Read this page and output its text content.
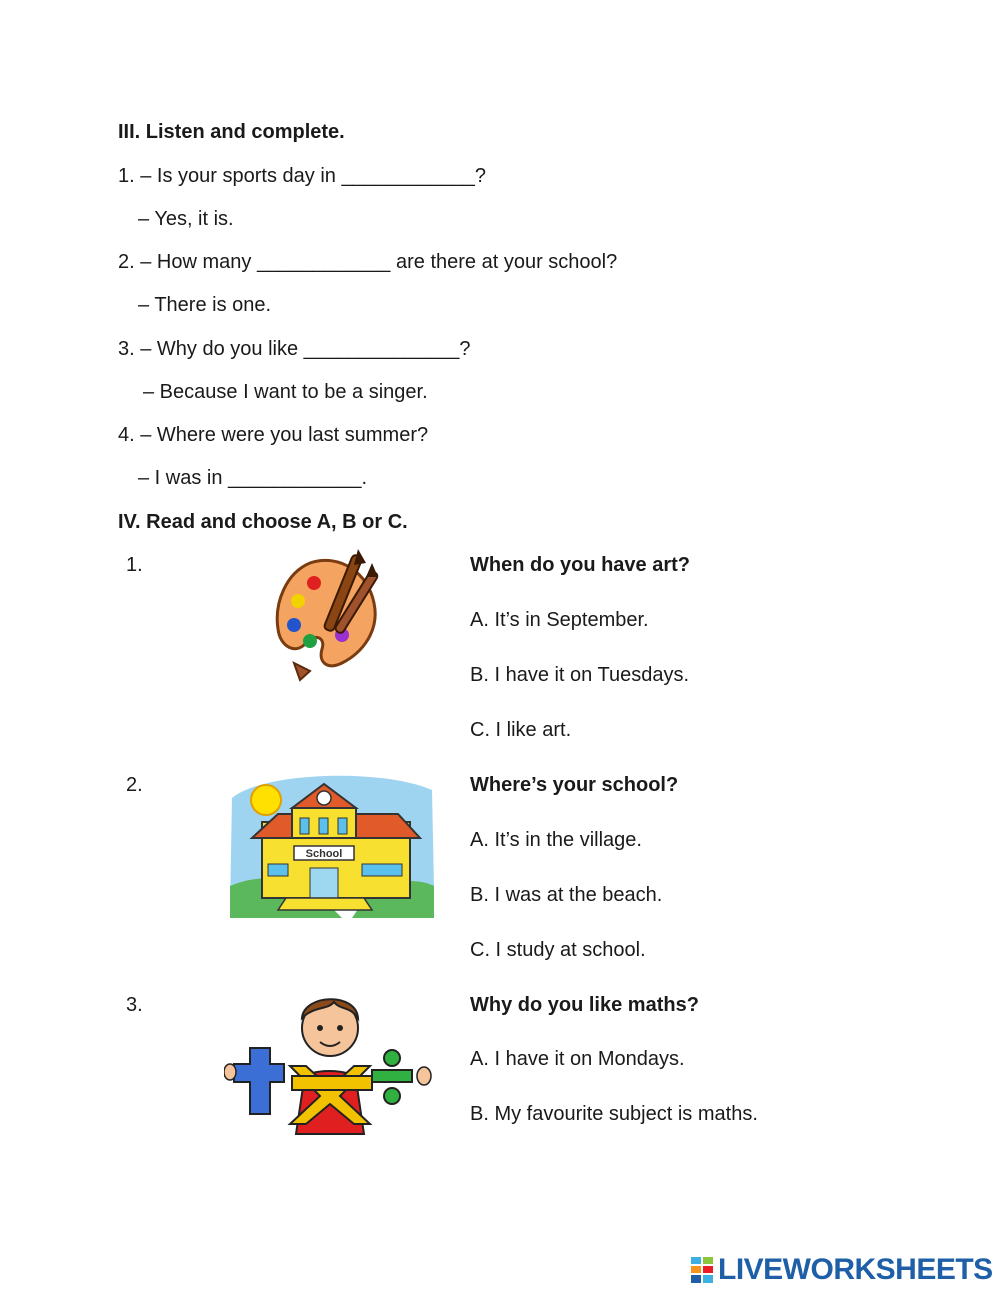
III. Listen and complete.
1. – Is your sports day in ____________?
– Yes, it is.
2. – How many ____________ are there at your school?
– There is one.
3. – Why do you like ______________?
– Because I want to be a singer.
4. – Where were you last summer?
– I was in ____________.
IV. Read and choose A, B or C.
1.	When do you have art?
A. It’s in September.
B. I have it on Tuesdays.
C. I like art.
2.
School
Where’s your school?
A. It’s in the village.
B. I was at the beach.
C. I study at school.
3.	Why do you like maths?
A. I have it on Mondays.
B. My favourite subject is maths.
LIVEWORKSHEETS
